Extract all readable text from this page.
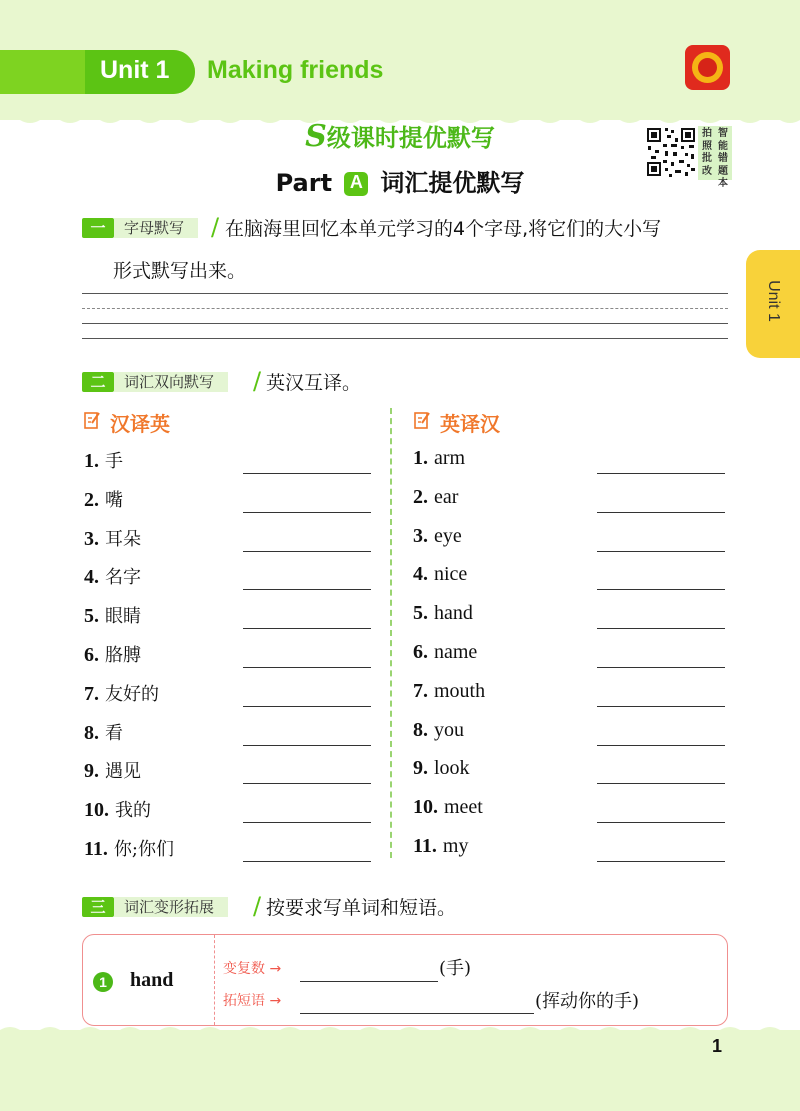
Unit 1 Making friends
S级课时提优默写
Part A 词汇提优默写
智能错题本
拍照批改
Unit 1
一	字母默写	/ 在脑海里回忆本单元学习的4个字母,将它们的大小写
形式默写出来。
二	词汇双向默写	/ 英汉互译。
汉译英	英译汉
1. 手
2. 嘴
3. 耳朵
4. 名字
5. 眼睛
6. 胳膊
7. 友好的
8. 看
9. 遇见
10. 我的
11. 你;你们
1. arm
2. ear
3. eye
4. nice
5. hand
6. name
7. mouth
8. you
9. look
10. meet
11. my
三	词汇变形拓展	/ 按要求写单词和短语。
1	hand	变复数 →	(手)
拓短语 →	(挥动你的手)
1
